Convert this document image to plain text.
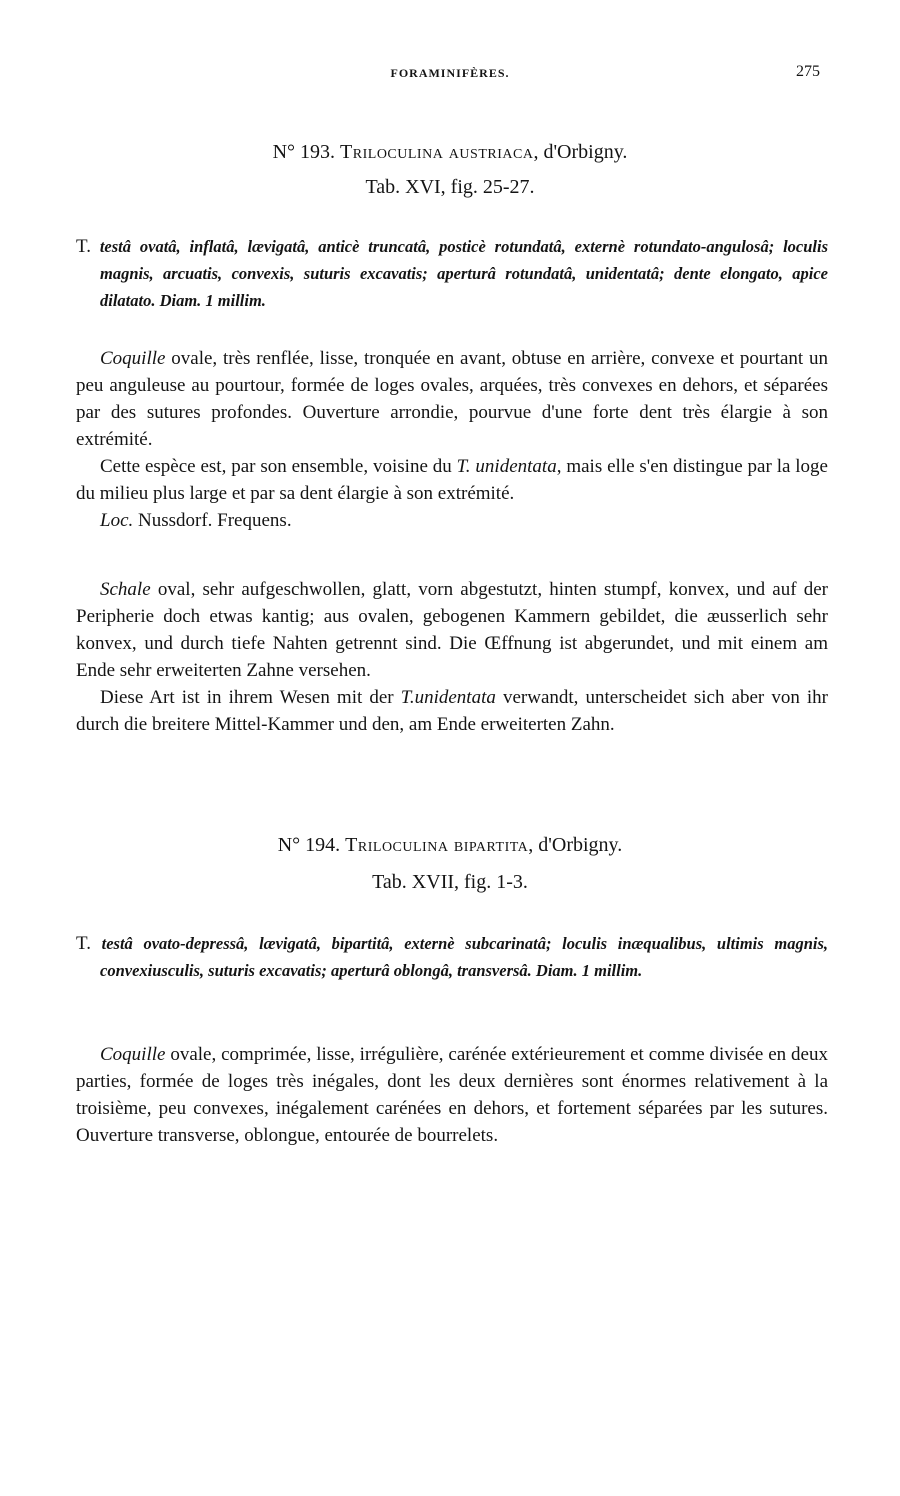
FORAMINIFÈRES.	275
N° 193. Triloculina austriaca, d'Orbigny.
Tab. XVI, fig. 25-27.

T. testâ ovatâ, inflatâ, lævigatâ, anticè truncatâ, posticè rotundatâ, externè rotundato-angulosâ; loculis magnis, arcuatis, convexis, suturis excavatis; aperturâ rotundatâ, unidentatâ; dente elongato, apice dilatato. Diam. 1 millim.

Coquille ovale, très renflée, lisse, tronquée en avant, obtuse en arrière, convexe et pourtant un peu anguleuse au pourtour, formée de loges ovales, arquées, très convexes en dehors, et séparées par des sutures profondes. Ouverture arrondie, pourvue d'une forte dent très élargie à son extrémité.

Cette espèce est, par son ensemble, voisine du T. unidentata, mais elle s'en distingue par la loge du milieu plus large et par sa dent élargie à son extrémité.

Loc. Nussdorf. Frequens.

Schale oval, sehr aufgeschwollen, glatt, vorn abgestutzt, hinten stumpf, konvex, und auf der Peripherie doch etwas kantig; aus ovalen, gebogenen Kammern gebildet, die æusserlich sehr konvex, und durch tiefe Nahten getrennt sind. Die Œffnung ist abgerundet, und mit einem am Ende sehr erweiterten Zahne versehen.

Diese Art ist in ihrem Wesen mit der T.unidentata verwandt, unterscheidet sich aber von ihr durch die breitere Mittel-Kammer und den, am Ende erweiterten Zahn.

N° 194. Triloculina bipartita, d'Orbigny.
Tab. XVII, fig. 1-3.

T. testâ ovato-depressâ, lævigatâ, bipartitâ, externè subcarinatâ; loculis inæqualibus, ultimis magnis, convexiusculis, suturis excavatis; aperturâ oblongâ, transversâ. Diam. 1 millim.

Coquille ovale, comprimée, lisse, irrégulière, carénée extérieurement et comme divisée en deux parties, formée de loges très inégales, dont les deux dernières sont énormes relativement à la troisième, peu convexes, inégalement carénées en dehors, et fortement séparées par les sutures. Ouverture transverse, oblongue, entourée de bourrelets.
